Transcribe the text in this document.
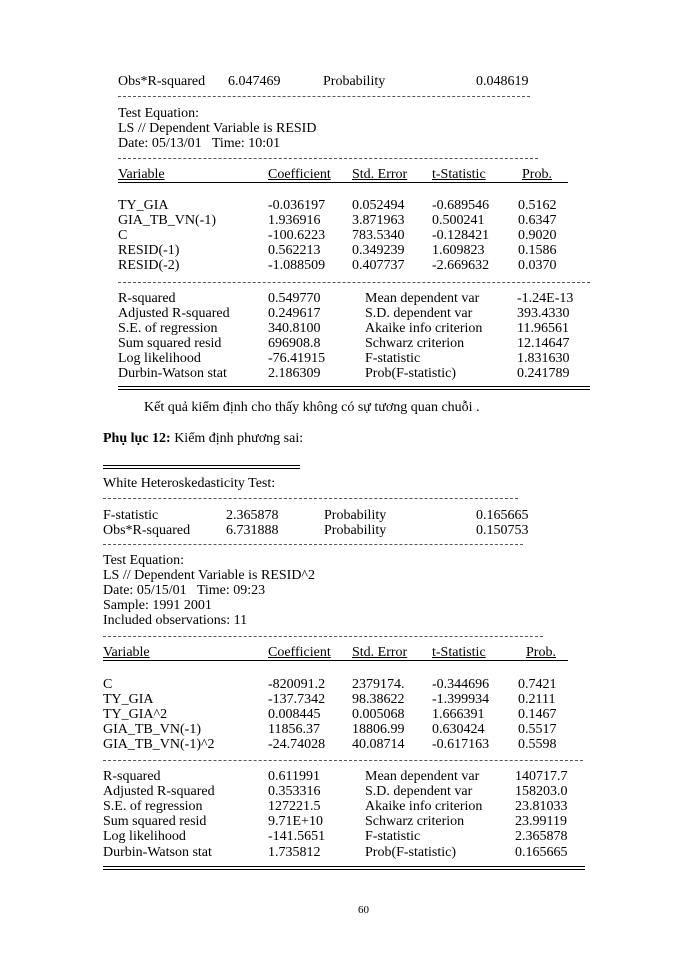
Obs*R-squared 6.047469	Probability	0.048619
Test Equation:
LS // Dependent Variable is RESID
Date: 05/13/01   Time: 10:01
Variable	Coefficient Std. Error t-Statistic	Prob.
TY_GIA	-0.036197 0.052494 -0.689546 0.5162
GIA_TB_VN(-1)	1.936916 3.871963 0.500241 0.6347
C	-100.6223 783.5340 -0.128421 0.9020
RESID(-1)	0.562213 0.349239 1.609823 0.1586
RESID(-2)	-1.088509 0.407737 -2.669632 0.0370
R-squared	0.549770	Mean dependent var	-1.24E-13
Adjusted R-squared	0.249617	S.D. dependent var	393.4330
S.E. of regression	340.8100	Akaike info criterion 11.96561
Sum squared resid	696908.8	Schwarz criterion	12.14647
Log likelihood	-76.41915	F-statistic	1.831630
Durbin-Watson stat	2.186309	Prob(F-statistic)	0.241789
Kết quả kiểm định cho thấy không có sự tương quan chuỗi .
Phụ lục 12: Kiểm định phương sai:
White Heteroskedasticity Test:
F-statistic	2.365878	Probability	0.165665
Obs*R-squared	6.731888	Probability	0.150753
Test Equation:
LS // Dependent Variable is RESID^2
Date: 05/15/01   Time: 09:23
Sample: 1991 2001
Included observations: 11
Variable	Coefficient Std. Error t-Statistic	Prob.
C	-820091.2 2379174. -0.344696 0.7421
TY_GIA	-137.7342 98.38622 -1.399934 0.2111
TY_GIA^2	0.008445 0.005068 1.666391 0.1467
GIA_TB_VN(-1)	11856.37 18806.99 0.630424 0.5517
GIA_TB_VN(-1)^2	-24.74028 40.08714 -0.617163 0.5598
R-squared	0.611991	Mean dependent var	140717.7
Adjusted R-squared	0.353316	S.D. dependent var	158203.0
S.E. of regression	127221.5	Akaike info criterion 23.81033
Sum squared resid	9.71E+10	Schwarz criterion	23.99119
Log likelihood	-141.5651	F-statistic	2.365878
Durbin-Watson stat	1.735812	Prob(F-statistic)	0.165665
60
